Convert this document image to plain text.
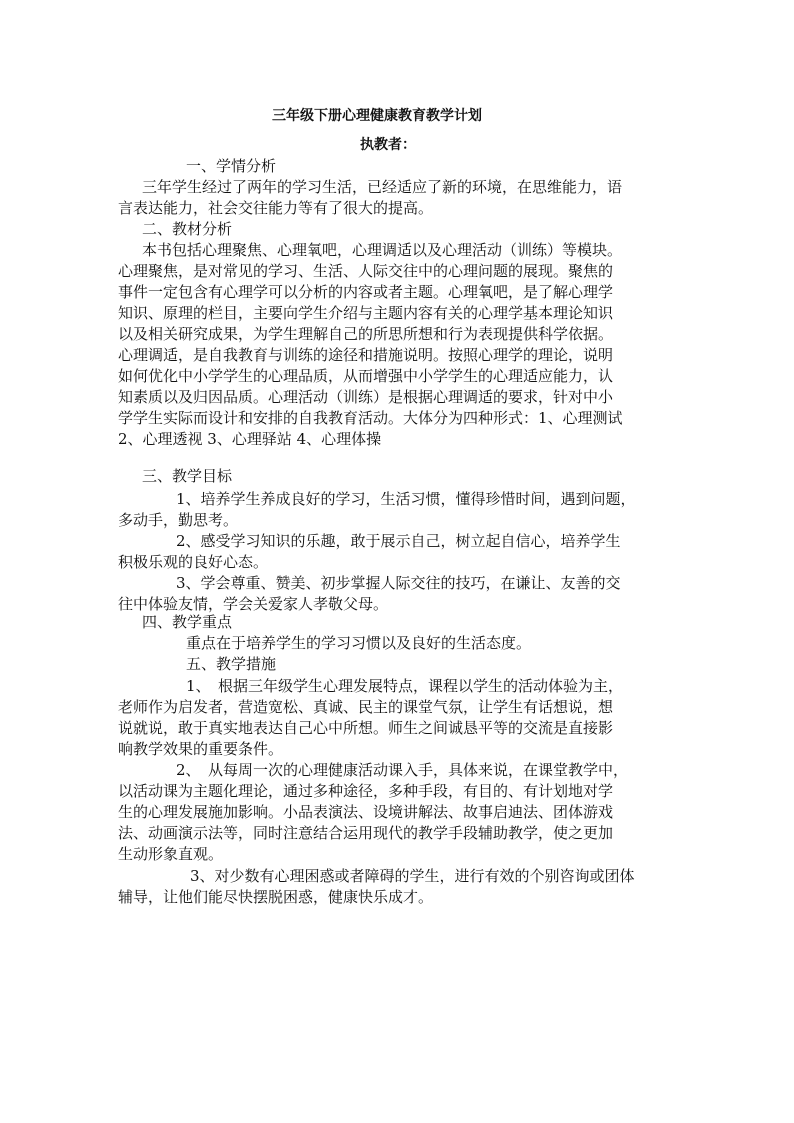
三年级下册心理健康教育教学计划
执教者：
一、学情分析
三年学生经过了两年的学习生活，已经适应了新的环境，在思维能力，语
言表达能力，社会交往能力等有了很大的提高。
二、教材分析
本书包括心理聚焦、心理氧吧，心理调适以及心理活动（训练）等模块。
心理聚焦，是对常见的学习、生活、人际交往中的心理问题的展现。聚焦的
事件一定包含有心理学可以分析的内容或者主题。心理氧吧，是了解心理学
知识、原理的栏目，主要向学生介绍与主题内容有关的心理学基本理论知识
以及相关研究成果，为学生理解自己的所思所想和行为表现提供科学依据。
心理调适，是自我教育与训练的途径和措施说明。按照心理学的理论，说明
如何优化中小学学生的心理品质，从而增强中小学学生的心理适应能力，认
知素质以及归因品质。心理活动（训练）是根据心理调适的要求，针对中小
学学生实际而设计和安排的自我教育活动。大体分为四种形式：1、心理测试
2、心理透视 3、心理驿站 4、心理体操
三、教学目标
1、培养学生养成良好的学习，生活习惯，懂得珍惜时间，遇到问题，
多动手，勤思考。
2、感受学习知识的乐趣，敢于展示自己，树立起自信心，培养学生
积极乐观的良好心态。
3、学会尊重、赞美、初步掌握人际交往的技巧，在谦让、友善的交
往中体验友情，学会关爱家人孝敬父母。
四、教学重点
重点在于培养学生的学习习惯以及良好的生活态度。
五、教学措施
1、　根据三年级学生心理发展特点，课程以学生的活动体验为主，
老师作为启发者，营造宽松、真诚、民主的课堂气氛，让学生有话想说，想
说就说，敢于真实地表达自己心中所想。师生之间诚恳平等的交流是直接影
响教学效果的重要条件。
2、　从每周一次的心理健康活动课入手，具体来说，在课堂教学中，
以活动课为主题化理论，通过多种途径，多种手段，有目的、有计划地对学
生的心理发展施加影响。小品表演法、设境讲解法、故事启迪法、团体游戏
法、动画演示法等，同时注意结合运用现代的教学手段辅助教学，使之更加
生动形象直观。
3、对少数有心理困惑或者障碍的学生，进行有效的个别咨询或团体
辅导，让他们能尽快摆脱困惑，健康快乐成才。
